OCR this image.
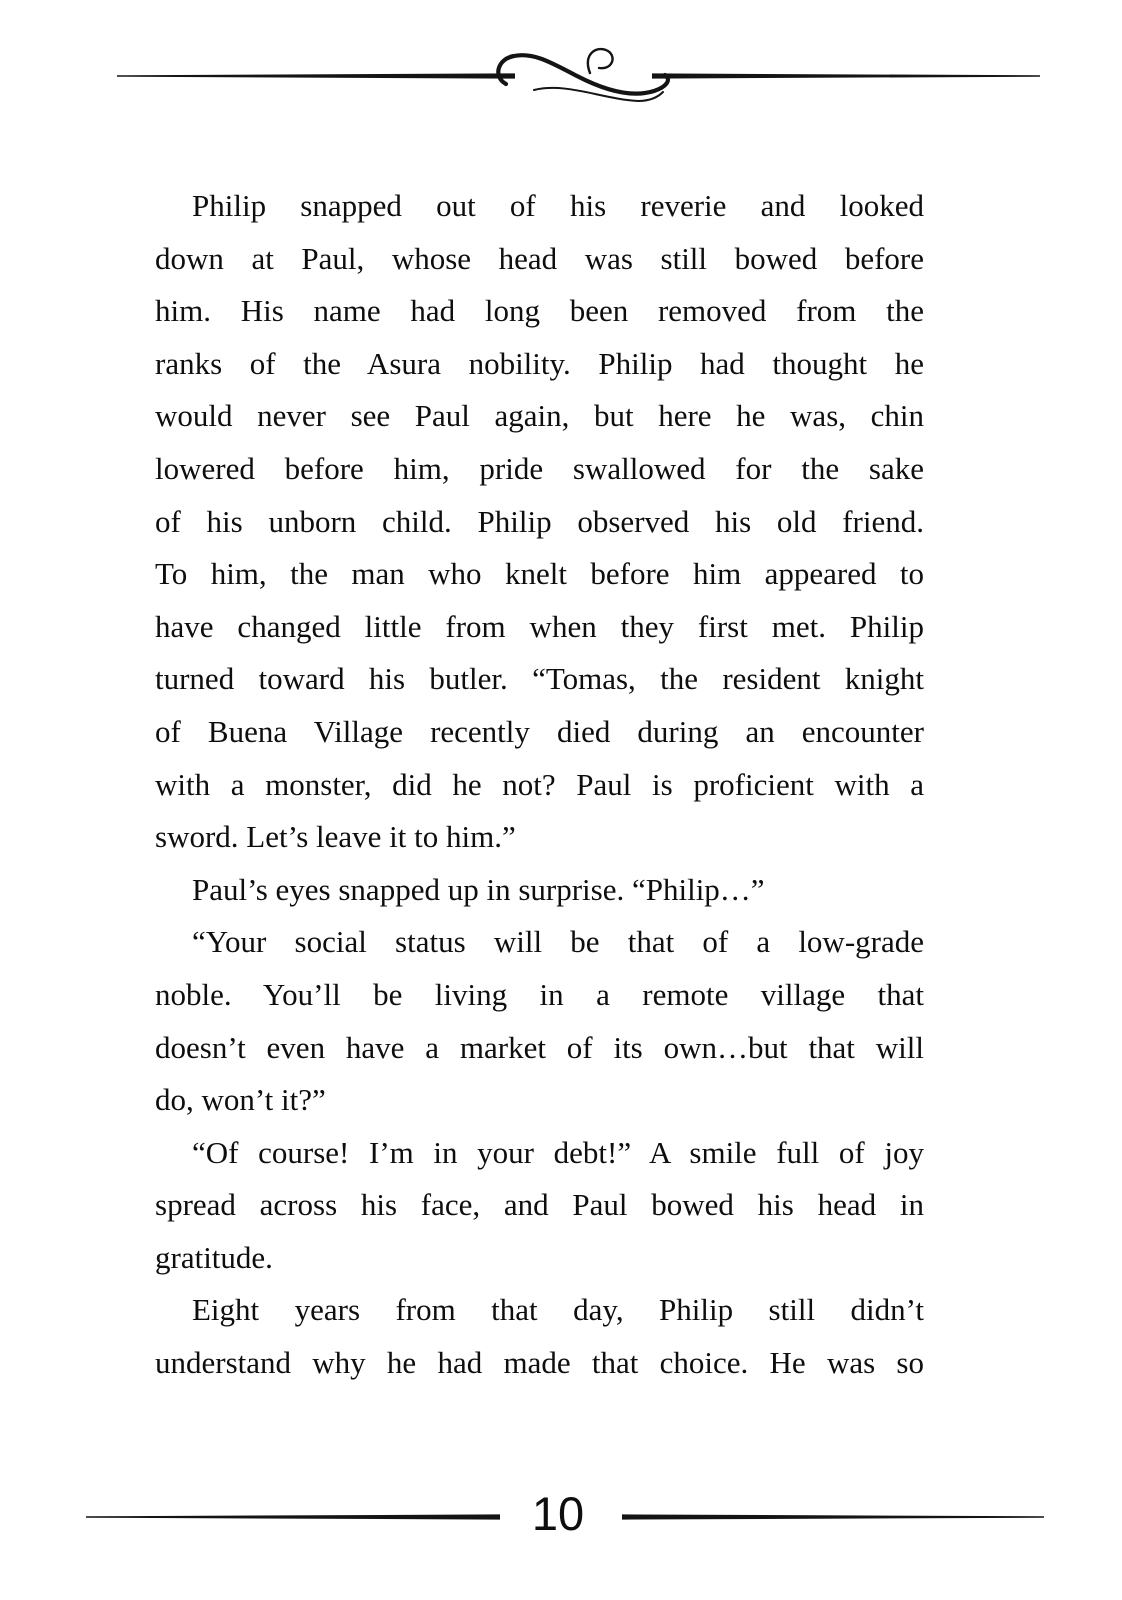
Philip snapped out of his reverie and looked
down at Paul, whose head was still bowed before
him. His name had long been removed from the
ranks of the Asura nobility. Philip had thought he
would never see Paul again, but here he was, chin
lowered before him, pride swallowed for the sake
of his unborn child. Philip observed his old friend.
To him, the man who knelt before him appeared to
have changed little from when they first met. Philip
turned toward his butler. “Tomas, the resident knight
of Buena Village recently died during an encounter
with a monster, did he not? Paul is proficient with a
sword. Let’s leave it to him.”
Paul’s eyes snapped up in surprise. “Philip…”
“Your social status will be that of a low-grade
noble. You’ll be living in a remote village that
doesn’t even have a market of its own…but that will
do, won’t it?”
“Of course! I’m in your debt!” A smile full of joy
spread across his face, and Paul bowed his head in
gratitude.
Eight years from that day, Philip still didn’t
understand why he had made that choice. He was so
10
